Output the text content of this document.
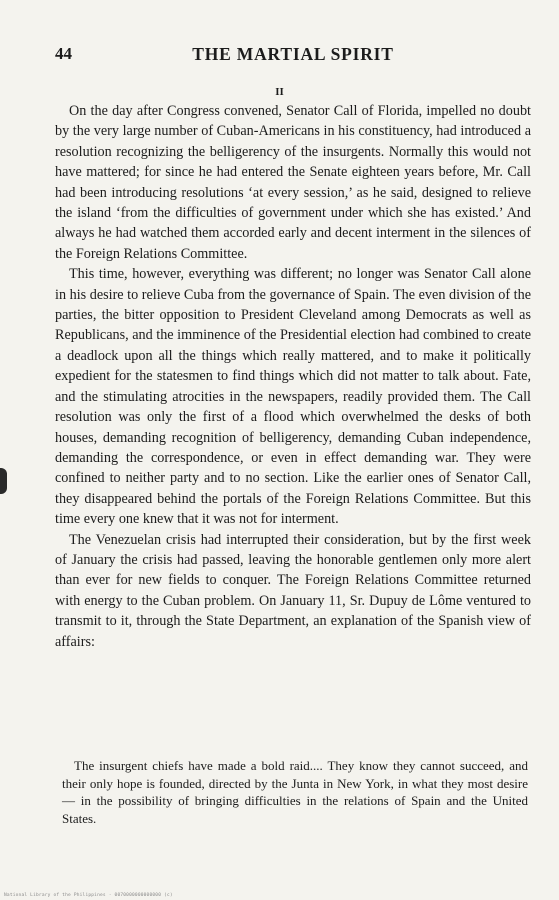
44	THE MARTIAL SPIRIT
II

On the day after Congress convened, Senator Call of Florida, impelled no doubt by the very large number of Cuban-Americans in his constituency, had introduced a resolution recognizing the belligerency of the insurgents. Normally this would not have mattered; for since he had entered the Senate eighteen years before, Mr. Call had been introducing resolutions ‘at every session,’ as he said, designed to relieve the island ‘from the difficulties of government under which she has existed.’ And always he had watched them accorded early and decent interment in the silences of the Foreign Relations Committee.

This time, however, everything was different; no longer was Senator Call alone in his desire to relieve Cuba from the governance of Spain. The even division of the parties, the bitter opposition to President Cleveland among Democrats as well as Republicans, and the imminence of the Presidential election had combined to create a deadlock upon all the things which really mattered, and to make it politically expedient for the statesmen to find things which did not matter to talk about. Fate, and the stimulating atrocities in the newspapers, readily provided them. The Call resolution was only the first of a flood which overwhelmed the desks of both houses, demanding recognition of belligerency, demanding Cuban independence, demanding the correspondence, or even in effect demanding war. They were confined to neither party and to no section. Like the earlier ones of Senator Call, they disappeared behind the portals of the Foreign Relations Committee. But this time every one knew that it was not for interment.

The Venezuelan crisis had interrupted their consideration, but by the first week of January the crisis had passed, leaving the honorable gentlemen only more alert than ever for new fields to conquer. The Foreign Relations Committee returned with energy to the Cuban problem. On January 11, Sr. Dupuy de Lôme ventured to transmit to it, through the State Department, an explanation of the Spanish view of affairs:

The insurgent chiefs have made a bold raid.... They know they cannot succeed, and their only hope is founded, directed by the Junta in New York, in what they most desire — in the possibility of bringing difficulties in the relations of Spain and the United States.

National Library of the Philippines · 0070000000000000 (c)
